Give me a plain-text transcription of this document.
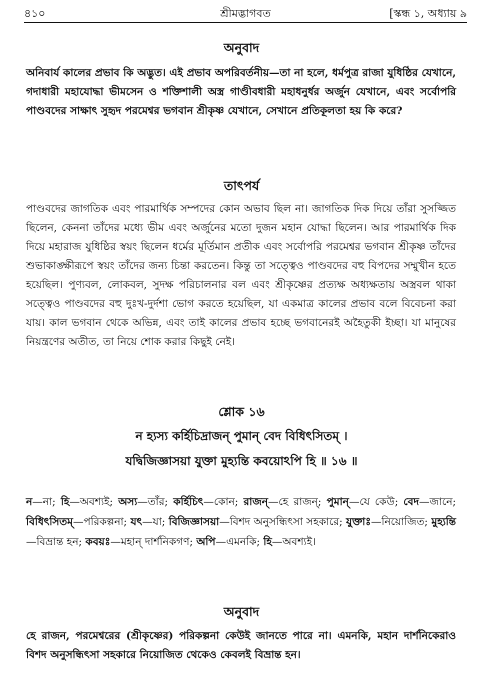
৪১০	শ্রীমদ্ভাগবত	[স্কন্ধ ১, অধ্যায় ৯
অনুবাদ

অনিবার্য কালের প্রভাব কি অদ্ভুত। এই প্রভাব অপরিবর্তনীয়—তা না হলে, ধর্মপুত্র রাজা যুধিষ্ঠির যেখানে, গদাধারী মহাযোদ্ধা ভীমসেন ও শক্তিশালী অস্ত্র গাণ্ডীবধারী মহাধনুর্ধর অর্জুন যেখানে, এবং সর্বোপরি পাণ্ডবদের সাক্ষাৎ সুহৃদ পরমেশ্বর ভগবান শ্রীকৃষ্ণ যেখানে, সেখানে প্রতিকূলতা হয় কি করে?

তাৎপর্য

পাণ্ডবদের জাগতিক এবং পারমার্থিক সম্পদের কোন অভাব ছিল না। জাগতিক দিক দিয়ে তাঁরা সুসজ্জিত ছিলেন, কেননা তাঁদের মধ্যে ভীম এবং অর্জুনের মতো দুজন মহান যোদ্ধা ছিলেন। আর পারমার্থিক দিক দিয়ে মহারাজ যুধিষ্ঠির স্বয়ং ছিলেন ধর্মের মূর্তিমান প্রতীক এবং সর্বোপরি পরমেশ্বর ভগবান শ্রীকৃষ্ণ তাঁদের শুভাকাঙ্ক্ষীরূপে স্বয়ং তাঁদের জন্য চিন্তা করতেন। কিন্তু তা সত্ত্বেও পাণ্ডবদের বহু বিপদের সম্মুখীন হতে হয়েছিল। পুণ্যবল, লোকবল, সুদক্ষ পরিচালনার বল এবং শ্রীকৃষ্ণের প্রত্যক্ষ অধ্যক্ষতায় অস্ত্রবল থাকা সত্ত্বেও পাণ্ডবদের বহু দুঃখ-দুর্দশা ভোগ করতে হয়েছিল, যা একমাত্র কালের প্রভাব বলে বিবেচনা করা যায়। কাল ভগবান থেকে অভিন্ন, এবং তাই কালের প্রভাব হচ্ছে ভগবানেরই অহৈতুকী ইচ্ছা। যা মানুষের নিয়ন্ত্রণের অতীত, তা নিয়ে শোক করার কিছুই নেই।

শ্লোক ১৬
ন হ্যস্য কর্হিচিদ্রাজন্ পুমান্ বেদ বিধিৎসিতম্ ।
যদ্বিজিজ্ঞাসয়া যুক্তা মুহ্যন্তি কবয়োঽপি হি ॥ ১৬ ॥

ন—না; হি—অবশ্যই; অস্য—তাঁর; কর্হিচিৎ—কোন; রাজন্—হে রাজন্; পুমান্—যে কেউ; বেদ—জানে; বিধিৎসিতম্—পরিকল্পনা; যৎ—যা; বিজিজ্ঞাসয়া—বিশদ অনুসন্ধিৎসা সহকারে; যুক্তাঃ—নিয়োজিত; মুহ্যন্তি—বিভ্রান্ত হন; কবয়ঃ—মহান্ দার্শনিকগণ; অপি—এমনকি; হি—অবশ্যই।

অনুবাদ

হে রাজন, পরমেশ্বরের (শ্রীকৃষ্ণের) পরিকল্পনা কেউই জানতে পারে না। এমনকি, মহান দার্শনিকেরাও বিশদ অনুসন্ধিৎসা সহকারে নিয়োজিত থেকেও কেবলই বিভ্রান্ত হন।
